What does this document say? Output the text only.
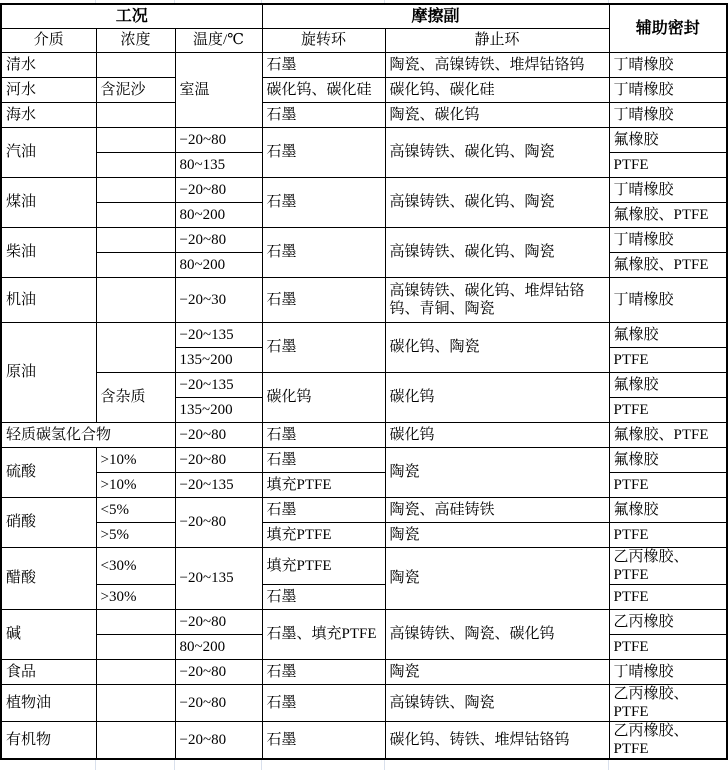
工况			摩擦副		辅助密封
介质	浓度	温度/℃	旋转环	静止环	
清水		室温	石墨	陶瓷、高镍铸铁、堆焊钴铬钨	丁晴橡胶
河水	含泥沙		碳化钨、碳化硅	碳化钨、碳化硅	丁晴橡胶
海水			石墨	陶瓷、碳化钨	丁晴橡胶
汽油		−20~80	石墨	高镍铸铁、碳化钨、陶瓷	氟橡胶
		80~135			PTFE
煤油		−20~80	石墨	高镍铸铁、碳化钨、陶瓷	丁晴橡胶
		80~200			氟橡胶、PTFE
柴油		−20~80	石墨	高镍铸铁、碳化钨、陶瓷	丁晴橡胶
		80~200			氟橡胶、PTFE
机油		−20~30	石墨	高镍铸铁、碳化钨、堆焊钴铬钨、青铜、陶瓷	丁晴橡胶
原油		−20~135	石墨	碳化钨、陶瓷	氟橡胶
		135~200			PTFE
	含杂质	−20~135	碳化钨	碳化钨	氟橡胶
		135~200			PTFE
轻质碳氢化合物		−20~80	石墨	碳化钨	氟橡胶、PTFE
硫酸	>10%	−20~80	石墨	陶瓷	氟橡胶
	>10%	−20~135	填充PTFE		PTFE
硝酸	<5%	−20~80	石墨	陶瓷、高硅铸铁	氟橡胶
	>5%		填充PTFE	陶瓷	PTFE
醋酸	<30%	−20~135	填充PTFE	陶瓷	乙丙橡胶、PTFE
	>30%		石墨		PTFE
碱		−20~80	石墨、填充PTFE	高镍铸铁、陶瓷、碳化钨	乙丙橡胶
		80~200			PTFE
食品		−20~80	石墨	陶瓷	丁晴橡胶
植物油		−20~80	石墨	高镍铸铁、陶瓷	乙丙橡胶、PTFE
有机物		−20~80	石墨	碳化钨、铸铁、堆焊钴铬钨	乙丙橡胶、PTFE
